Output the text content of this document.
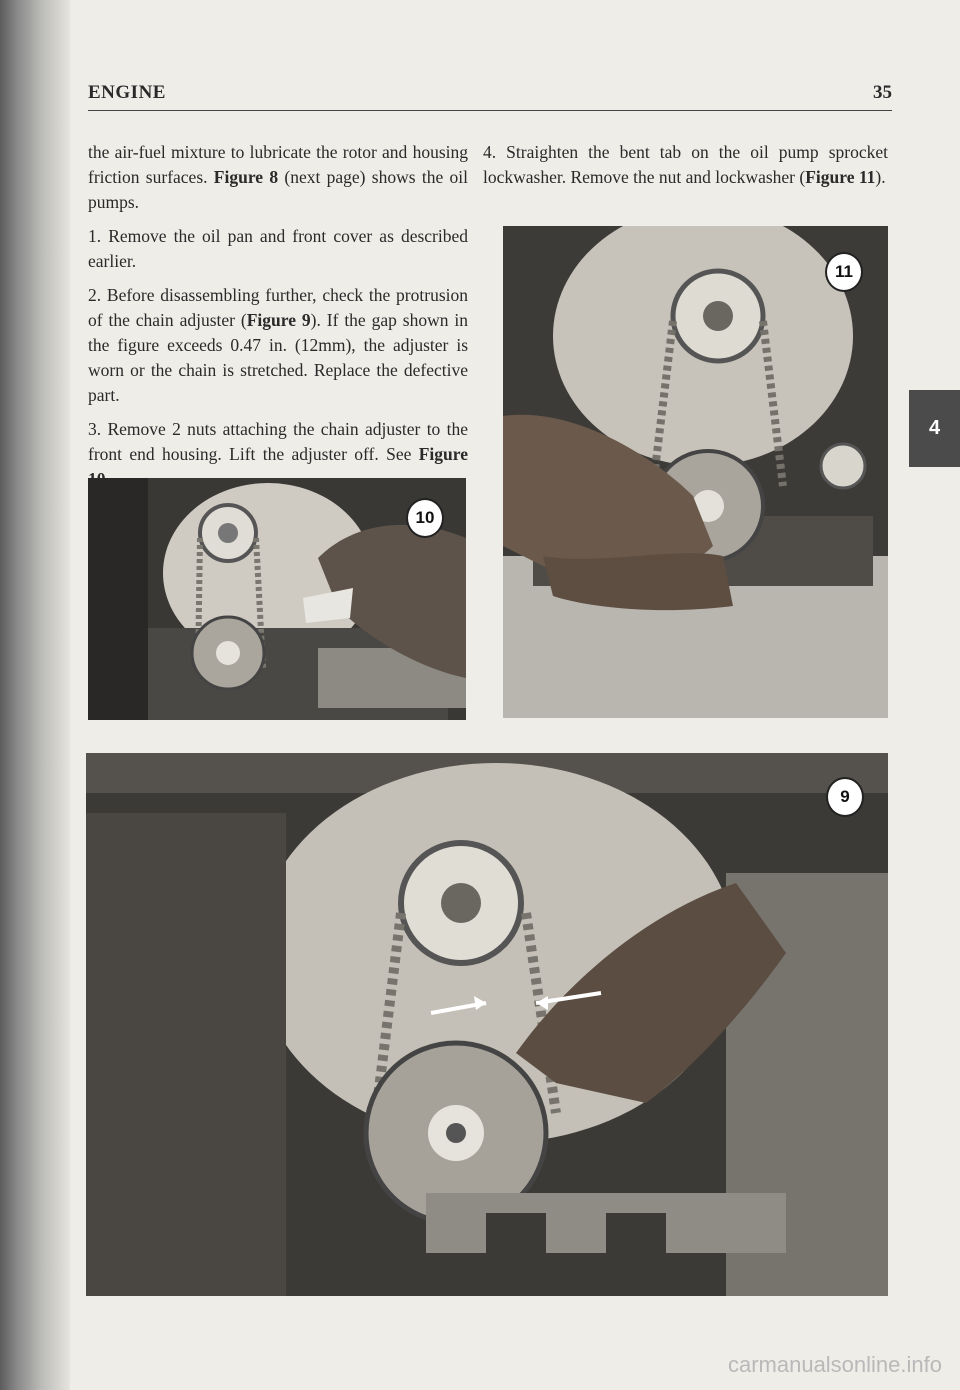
ENGINE	35

the air-fuel mixture to lubricate the rotor and housing friction surfaces. Figure 8 (next page) shows the oil pumps.

1. Remove the oil pan and front cover as described earlier.

2. Before disassembling further, check the protrusion of the chain adjuster (Figure 9). If the gap shown in the figure exceeds 0.47 in. (12mm), the adjuster is worn or the chain is stretched. Replace the defective part.

3. Remove 2 nuts attaching the chain adjuster to the front end housing. Lift the adjuster off. See Figure

4. Straighten the bent tab on the oil pump sprocket lockwasher. Remove the nut and lockwasher (Figure 11).

4
10
11
9
carmanualsonline.info
